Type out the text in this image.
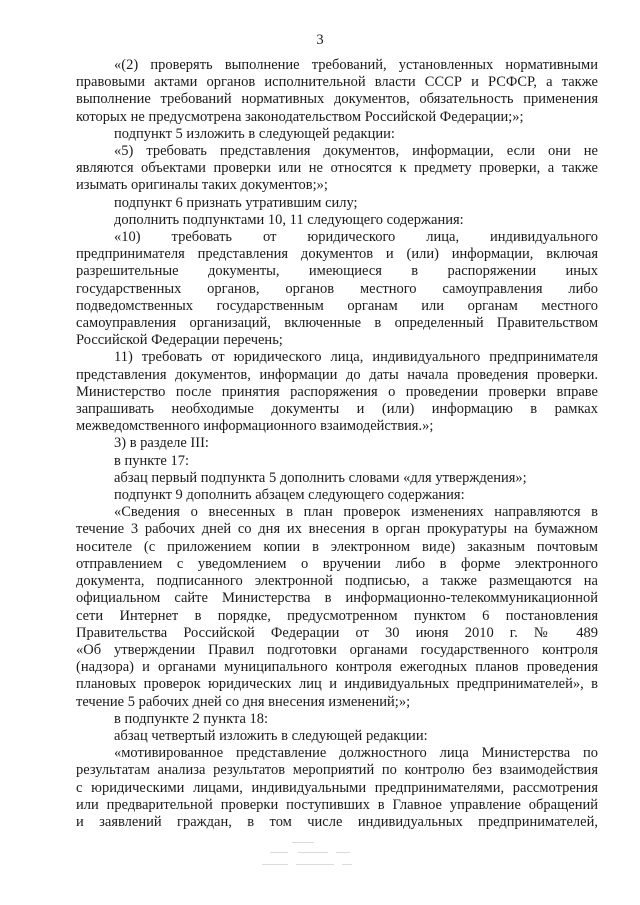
3

«(2) проверять выполнение требований, установленных нормативными

правовыми актами органов исполнительной власти СССР и РСФСР, а также

выполнение требований нормативных документов, обязательность применения

которых не предусмотрена законодательством Российской Федерации;»;

подпункт 5 изложить в следующей редакции:

«5) требовать представления документов, информации, если они не

являются объектами проверки или не относятся к предмету проверки, а также

изымать оригиналы таких документов;»;

подпункт 6 признать утратившим силу;

дополнить подпунктами 10, 11 следующего содержания:

«10) требовать от юридического лица, индивидуального

предпринимателя представления документов и (или) информации, включая

разрешительные документы, имеющиеся в распоряжении иных

государственных органов, органов местного самоуправления либо

подведомственных государственным органам или органам местного

самоуправления организаций, включенные в определенный Правительством

Российской Федерации перечень;

11) требовать от юридического лица, индивидуального предпринимателя

представления документов, информации до даты начала проведения проверки.

Министерство после принятия распоряжения о проведении проверки вправе

запрашивать необходимые документы и (или) информацию в рамках

межведомственного информационного взаимодействия.»;

3) в разделе III:

в пункте 17:

абзац первый подпункта 5 дополнить словами «для утверждения»;

подпункт 9 дополнить абзацем следующего содержания:

«Сведения о внесенных в план проверок изменениях направляются в

течение 3 рабочих дней со дня их внесения в орган прокуратуры на бумажном

носителе (с приложением копии в электронном виде) заказным почтовым

отправлением с уведомлением о вручении либо в форме электронного

документа, подписанного электронной подписью, а также размещаются на

официальном сайте Министерства в информационно-телекоммуникационной

сети Интернет в порядке, предусмотренном пунктом 6 постановления

Правительства Российской Федерации от 30 июня 2010 г. № 489

«Об утверждении Правил подготовки органами государственного контроля

(надзора) и органами муниципального контроля ежегодных планов проведения

плановых проверок юридических лиц и индивидуальных предпринимателей», в

течение 5 рабочих дней со дня внесения изменений;»;

в подпункте 2 пункта 18:

абзац четвертый изложить в следующей редакции:

«мотивированное представление должностного лица Министерства по

результатам анализа результатов мероприятий по контролю без взаимодействия

с юридическими лицами, индивидуальными предпринимателями, рассмотрения

или предварительной проверки поступивших в Главное управление обращений

и заявлений граждан, в том числе индивидуальных предпринимателей,
